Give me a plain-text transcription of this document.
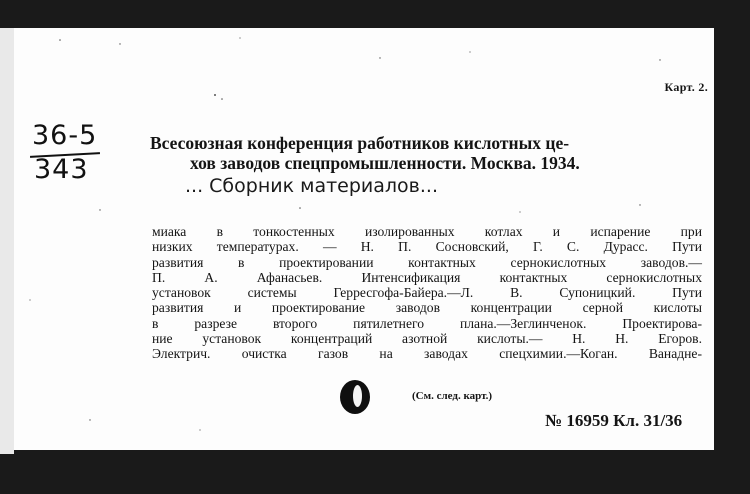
Карт. 2.
36-5
343
Всесоюзная конференция работников кислотных це-
хов заводов спецпромышленности. Москва. 1934.
... Сборник материалов...
миака в тонкостенных изолированных котлах и испарение при
низких температурах. — Н. П. Сосновский, Г. С. Дурасс. Пути
развития в проектировании контактных сернокислотных заводов.—
П. А. Афанасьев. Интенсификация контактных сернокислотных
установок системы Герресгофа-Байера.—Л. В. Супоницкий. Пути
развития и проектирование заводов концентрации серной кислоты
в разрезе второго пятилетнего плана.—Зеглинченок. Проектирова-
ние установок концентраций азотной кислоты.— Н. Н. Егоров.
Электрич. очистка газов на заводах спецхимии.—Коган. Ванадне-
(См. след. карт.)
№ 16959 Кл. 31/36
